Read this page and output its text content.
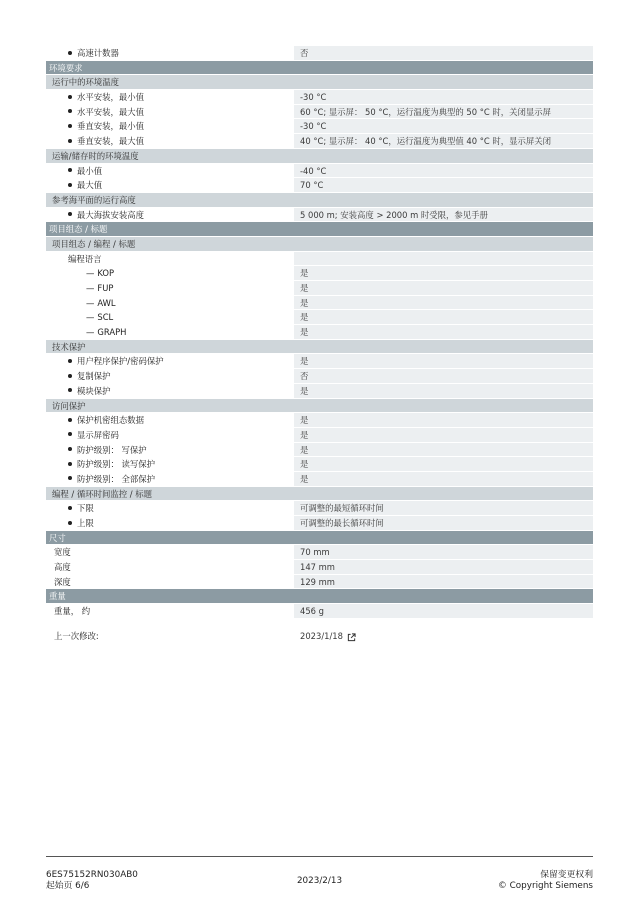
高速计数器	否
环境要求
运行中的环境温度
水平安装，最小值	-30 °C
水平安装，最大值	60 °C; 显示屏： 50 °C，运行温度为典型的 50 °C 时，关闭显示屏
垂直安装，最小值	-30 °C
垂直安装，最大值	40 °C; 显示屏： 40 °C，运行温度为典型值 40 °C 时，显示屏关闭
运输/储存时的环境温度
最小值	-40 °C
最大值	70 °C
参考海平面的运行高度
最大海拔安装高度	5 000 m; 安装高度 > 2000 m 时受限，参见手册
项目组态 / 标题
项目组态 / 编程 / 标题
编程语言
— KOP	是
— FUP	是
— AWL	是
— SCL	是
— GRAPH	是
技术保护
用户程序保护/密码保护	是
复制保护	否
模块保护	是
访问保护
保护机密组态数据	是
显示屏密码	是
防护级别： 写保护	是
防护级别： 读写保护	是
防护级别： 全部保护	是
编程 / 循环时间监控 / 标题
下限	可调整的最短循环时间
上限	可调整的最长循环时间
尺寸
宽度	70 mm
高度	147 mm
深度	129 mm
重量
重量， 约	456 g
上一次修改:	2023/1/18
6ES75152RN030AB0
起始页 6/6	2023/2/13
保留变更权利
© Copyright Siemens
